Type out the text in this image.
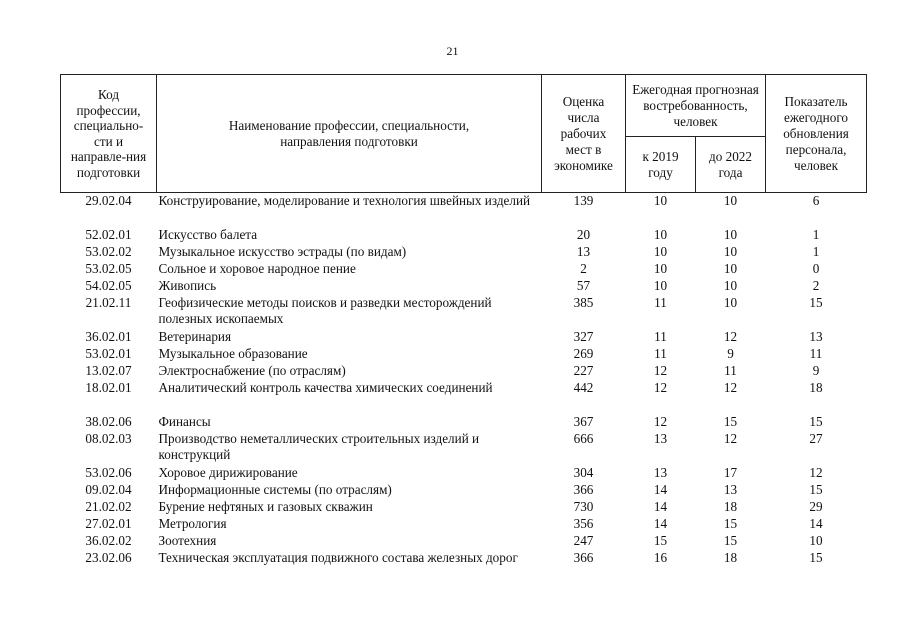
21
Код профессии, специально-сти и направле-ния подготовки	Наименование профессии, специальности, направления подготовки	Оценка числа рабочих мест в экономике	Ежегодная прогнозная востребованность, человек		Показатель ежегодного обновления персонала, человек
			к 2019 году	до 2022 года	
29.02.04	Конструирование, моделирование и технология швейных изделий	139	10	10	6
52.02.01	Искусство балета	20	10	10	1
53.02.02	Музыкальное искусство эстрады (по видам)	13	10	10	1
53.02.05	Сольное и хоровое народное пение	2	10	10	0
54.02.05	Живопись	57	10	10	2
21.02.11	Геофизические методы поисков и разведки месторождений полезных ископаемых	385	11	10	15
36.02.01	Ветеринария	327	11	12	13
53.02.01	Музыкальное образование	269	11	9	11
13.02.07	Электроснабжение (по отраслям)	227	12	11	9
18.02.01	Аналитический контроль качества химических соединений	442	12	12	18
38.02.06	Финансы	367	12	15	15
08.02.03	Производство неметаллических строительных изделий и конструкций	666	13	12	27
53.02.06	Хоровое дирижирование	304	13	17	12
09.02.04	Информационные системы (по отраслям)	366	14	13	15
21.02.02	Бурение нефтяных и газовых скважин	730	14	18	29
27.02.01	Метрология	356	14	15	14
36.02.02	Зоотехния	247	15	15	10
23.02.06	Техническая эксплуатация подвижного состава железных дорог	366	16	18	15
